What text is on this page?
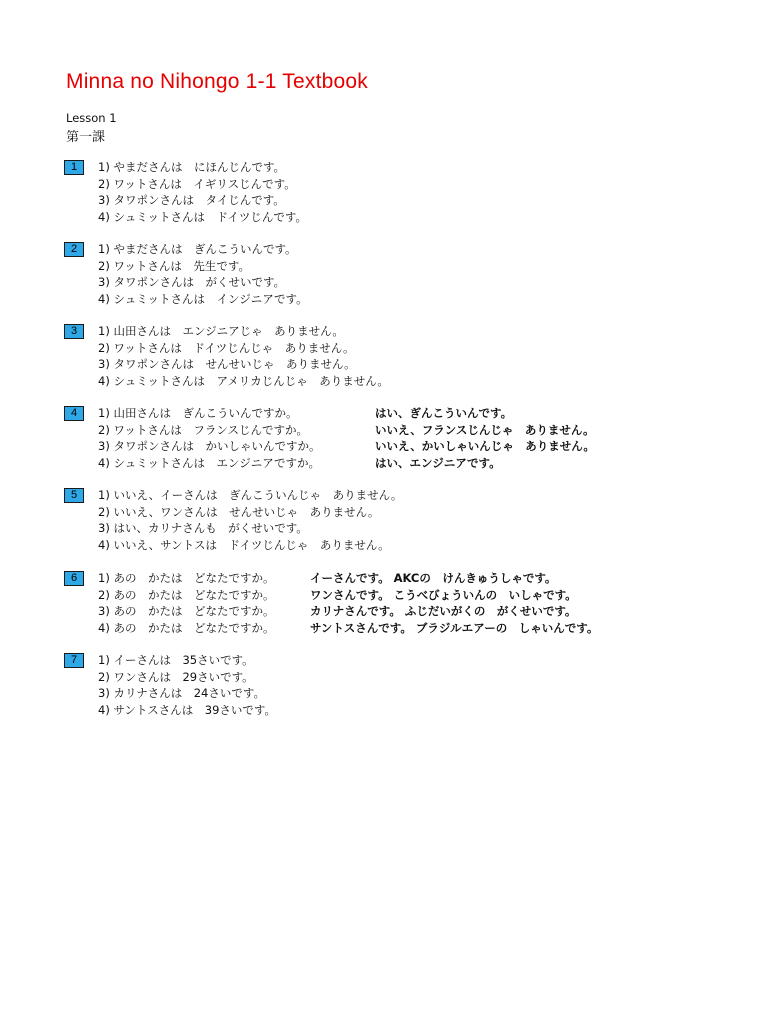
Minna no Nihongo 1-1 Textbook
Lesson 1
第一課
1	1) やまださんは　にほんじんです。
2) ワットさんは　イギリスじんです。
3) タワポンさんは　タイじんです。
4) シュミットさんは　ドイツじんです。
2	1) やまださんは　ぎんこういんです。
2) ワットさんは　先生です。
3) タワポンさんは　がくせいです。
4) シュミットさんは　インジニアです。
3	1) 山田さんは　エンジニアじゃ　ありません。
2) ワットさんは　ドイツじんじゃ　ありません。
3) タワポンさんは　せんせいじゃ　ありません。
4) シュミットさんは　アメリカじんじゃ　ありません。
4	1) 山田さんは　ぎんこういんですか。	はい、ぎんこういんです。
2) ワットさんは　フランスじんですか。	いいえ、フランスじんじゃ　ありません。
3) タワポンさんは　かいしゃいんですか。	いいえ、かいしゃいんじゃ　ありません。
4) シュミットさんは　エンジニアですか。	はい、エンジニアです。
5	1) いいえ、イーさんは　ぎんこういんじゃ　ありません。
2) いいえ、ワンさんは　せんせいじゃ　ありません。
3) はい、カリナさんも　がくせいです。
4) いいえ、サントスは　ドイツじんじゃ　ありません。
6	1) あの　かたは　どなたですか。	イーさんです。 AKCの　けんきゅうしゃです。
2) あの　かたは　どなたですか。	ワンさんです。 こうべびょういんの　いしゃです。
3) あの　かたは　どなたですか。	カリナさんです。 ふじだいがくの　がくせいです。
4) あの　かたは　どなたですか。	サントスさんです。 ブラジルエアーの　しゃいんです。
7	1) イーさんは　35さいです。
2) ワンさんは　29さいです。
3) カリナさんは　24さいです。
4) サントスさんは　39さいです。
